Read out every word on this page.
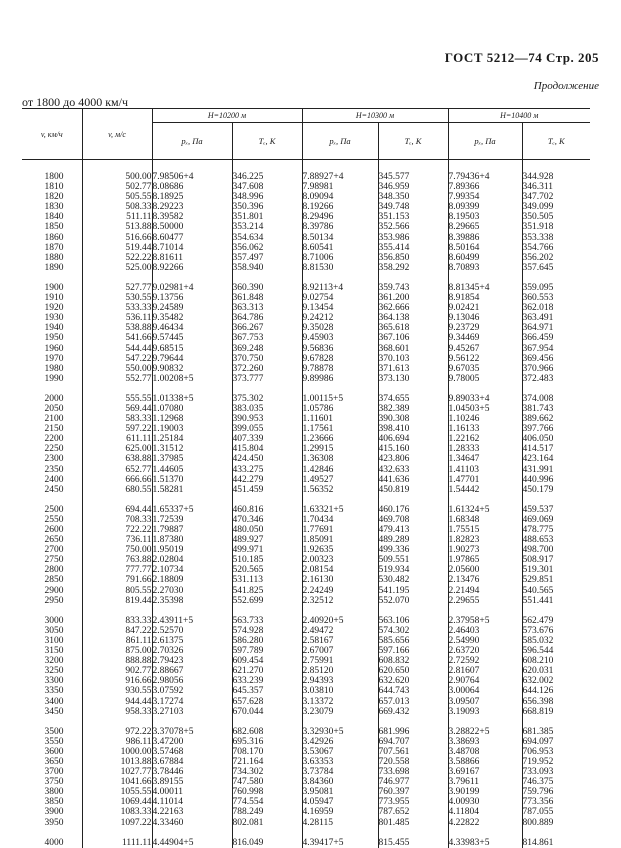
ГОСТ 5212—74 Стр. 205
Продолжение
от 1800 до 4000 км/ч
v, км/ч	v, м/с	H=10200 м		H=10300 м		H=10400 м	
		pₓ, Па	Tₑ, К	pₓ, Па	Tₑ, К	pₓ, Па	Tₑ, К
1800	500.00	7.98506+4	346.225	7.88927+4	345.577	7.79436+4	344.928
1810	502.77	8.08686	347.608	7.98981	346.959	7.89366	346.311
1820	505.55	8.18925	348.996	8.09094	348.350	7.99354	347.702
1830	508.33	8.29223	350.396	8.19266	349.748	8.09399	349.099
1840	511.11	8.39582	351.801	8.29496	351.153	8.19503	350.505
1850	513.88	8.50000	353.214	8.39786	352.566	8.29665	351.918
1860	516.66	8.60477	354.634	8.50134	353.986	8.39886	353.338
1870	519.44	8.71014	356.062	8.60541	355.414	8.50164	354.766
1880	522.22	8.81611	357.497	8.71006	356.850	8.60499	356.202
1890	525.00	8.92266	358.940	8.81530	358.292	8.70893	357.645

1900	527.77	9.02981+4	360.390	8.92113+4	359.743	8.81345+4	359.095
1910	530.55	9.13756	361.848	9.02754	361.200	8.91854	360.553
1920	533.33	9.24589	363.313	9.13454	362.666	9.02421	362.018
1930	536.11	9.35482	364.786	9.24212	364.138	9.13046	363.491
1940	538.88	9.46434	366.267	9.35028	365.618	9.23729	364.971
1950	541.66	9.57445	367.753	9.45903	367.106	9.34469	366.459
1960	544.44	9.68515	369.248	9.56836	368.601	9.45267	367.954
1970	547.22	9.79644	370.750	9.67828	370.103	9.56122	369.456
1980	550.00	9.90832	372.260	9.78878	371.613	9.67035	370.966
1990	552.77	1.00208+5	373.777	9.89986	373.130	9.78005	372.483

2000	555.55	1.01338+5	375.302	1.00115+5	374.655	9.89033+4	374.008
2050	569.44	1.07080	383.035	1.05786	382.389	1.04503+5	381.743
2100	583.33	1.12968	390.953	1.11601	390.308	1.10246	389.662
2150	597.22	1.19003	399.055	1.17561	398.410	1.16133	397.766
2200	611.11	1.25184	407.339	1.23666	406.694	1.22162	406.050
2250	625.00	1.31512	415.804	1.29915	415.160	1.28333	414.517
2300	638.88	1.37985	424.450	1.36308	423.806	1.34647	423.164
2350	652.77	1.44605	433.275	1.42846	432.633	1.41103	431.991
2400	666.66	1.51370	442.279	1.49527	441.636	1.47701	440.996
2450	680.55	1.58281	451.459	1.56352	450.819	1.54442	450.179

2500	694.44	1.65337+5	460.816	1.63321+5	460.176	1.61324+5	459.537
2550	708.33	1.72539	470.346	1.70434	469.708	1.68348	469.069
2600	722.22	1.79887	480.050	1.77691	479.413	1.75515	478.775
2650	736.11	1.87380	489.927	1.85091	489.289	1.82823	488.653
2700	750.00	1.95019	499.971	1.92635	499.336	1.90273	498.700
2750	763.88	2.02804	510.185	2.00323	509.551	1.97865	508.917
2800	777.77	2.10734	520.565	2.08154	519.934	2.05600	519.301
2850	791.66	2.18809	531.113	2.16130	530.482	2.13476	529.851
2900	805.55	2.27030	541.825	2.24249	541.195	2.21494	540.565
2950	819.44	2.35398	552.699	2.32512	552.070	2.29655	551.441

3000	833.33	2.43911+5	563.733	2.40920+5	563.106	2.37958+5	562.479
3050	847.22	2.52570	574.928	2.49472	574.302	2.46403	573.676
3100	861.11	2.61375	586.280	2.58167	585.656	2.54990	585.032
3150	875.00	2.70326	597.789	2.67007	597.166	2.63720	596.544
3200	888.88	2.79423	609.454	2.75991	608.832	2.72592	608.210
3250	902.77	2.88667	621.270	2.85120	620.650	2.81607	620.031
3300	916.66	2.98056	633.239	2.94393	632.620	2.90764	632.002
3350	930.55	3.07592	645.357	3.03810	644.743	3.00064	644.126
3400	944.44	3.17274	657.628	3.13372	657.013	3.09507	656.398
3450	958.33	3.27103	670.044	3.23079	669.432	3.19093	668.819

3500	972.22	3.37078+5	682.608	3.32930+5	681.996	3.28822+5	681.385
3550	986.11	3.47200	695.316	3.42926	694.707	3.38693	694.097
3600	1000.00	3.57468	708.170	3.53067	707.561	3.48708	706.953
3650	1013.88	3.67884	721.164	3.63353	720.558	3.58866	719.952
3700	1027.77	3.78446	734.302	3.73784	733.698	3.69167	733.093
3750	1041.66	3.89155	747.580	3.84360	746.977	3.79611	746.375
3800	1055.55	4.00011	760.998	3.95081	760.397	3.90199	759.796
3850	1069.44	4.11014	774.554	4.05947	773.955	4.00930	773.356
3900	1083.33	4.22163	788.249	4.16959	787.652	4.11804	787.055
3950	1097.22	4.33460	802.081	4.28115	801.485	4.22822	800.889

4000	1111.11	4.44904+5	816.049	4.39417+5	815.455	4.33983+5	814.861
